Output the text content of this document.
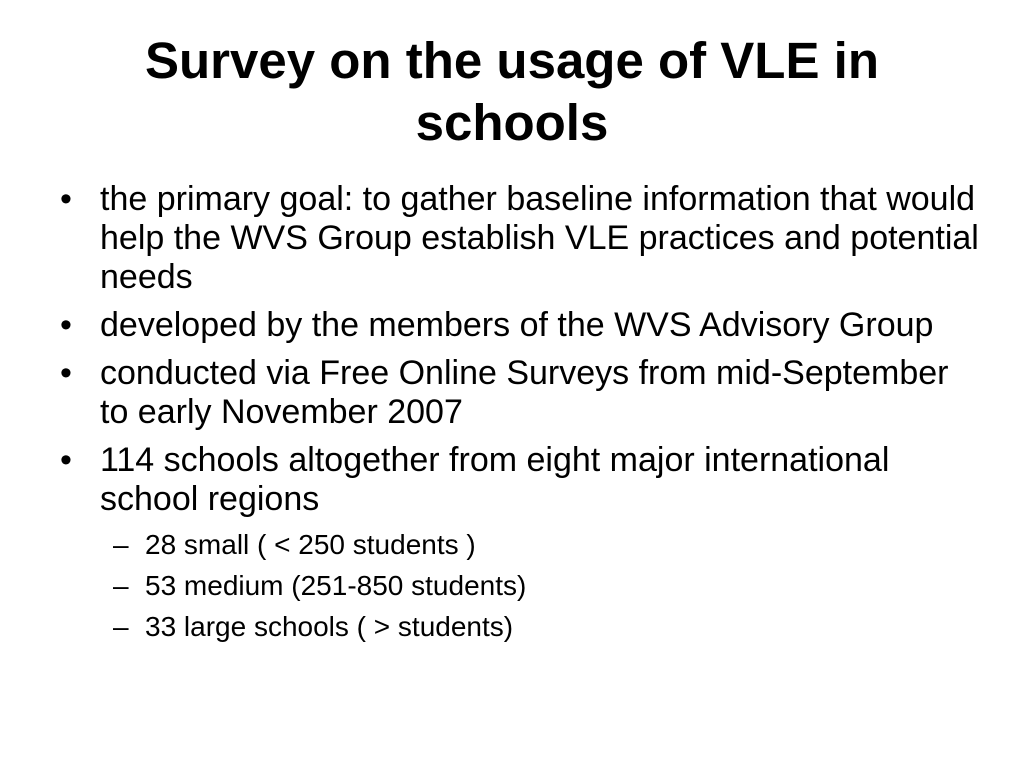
Survey on the usage of VLE in schools
• the primary goal: to gather baseline information that would help the WVS Group establish VLE practices and potential needs
• developed by the members of the WVS Advisory Group
• conducted via Free Online Surveys from mid-September to early November 2007
• 114 schools altogether from eight major international school regions
– 28 small ( < 250 students )
– 53 medium (251-850 students)
– 33 large schools ( > students)
